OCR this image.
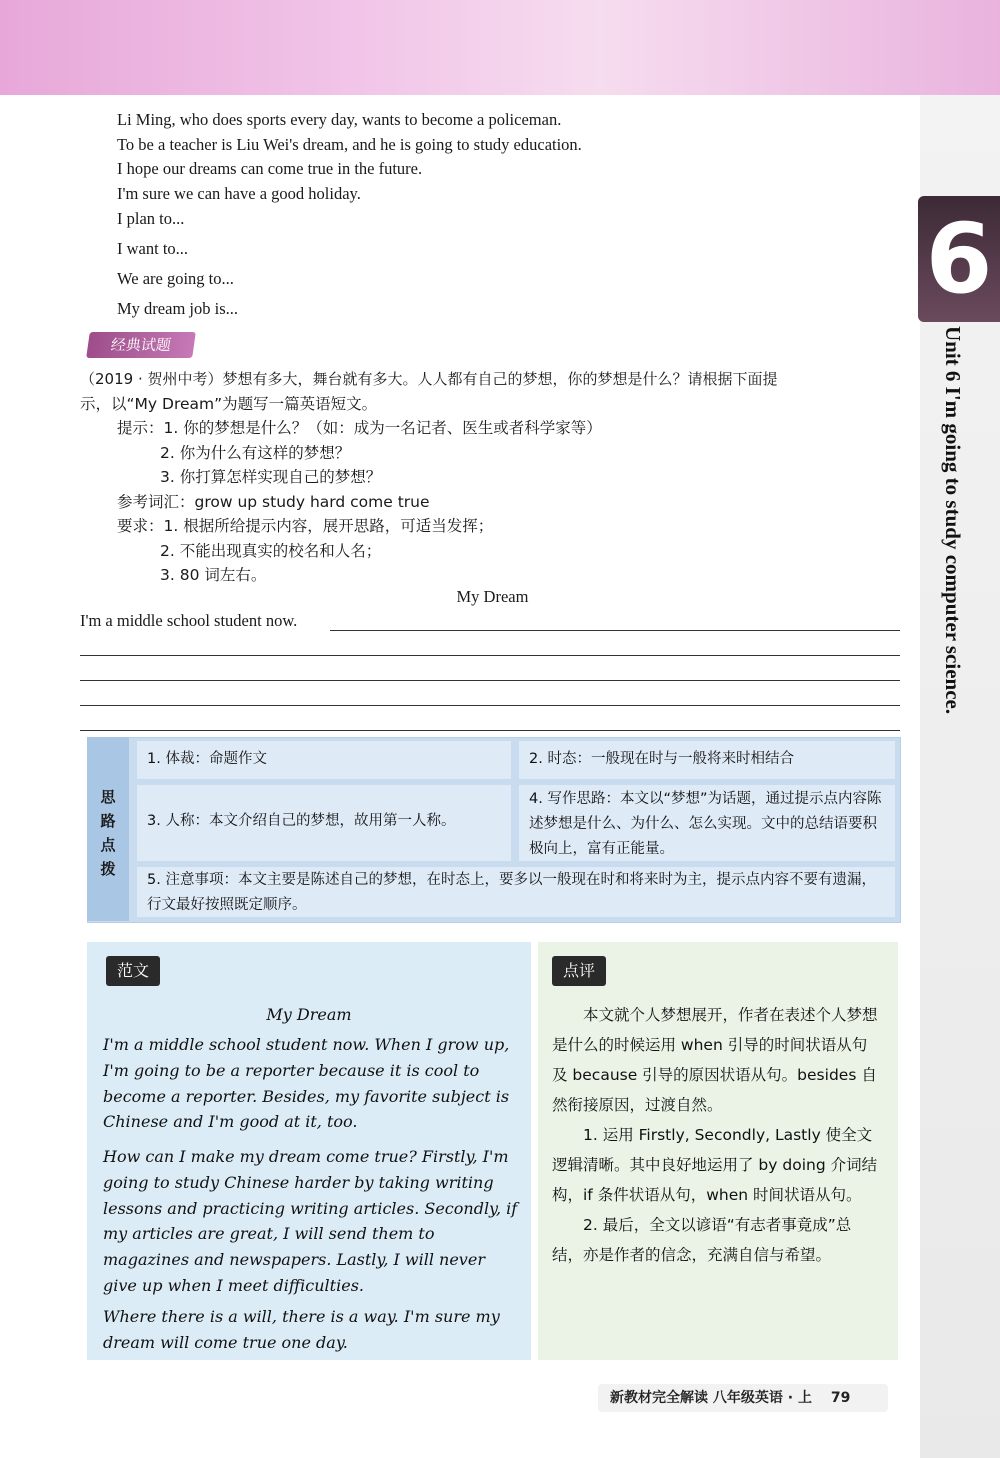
6
Unit 6 I'm going to study computer science.
Li Ming, who does sports every day, wants to become a policeman.
To be a teacher is Liu Wei's dream, and he is going to study education.
I hope our dreams can come true in the future.
I'm sure we can have a good holiday.
I plan to...
I want to...
We are going to...
My dream job is...
经典试题
（2019 · 贺州中考）梦想有多大，舞台就有多大。人人都有自己的梦想，你的梦想是什么？请根据下面提
示，以“My Dream”为题写一篇英语短文。
提示：1. 你的梦想是什么？（如：成为一名记者、医生或者科学家等）
2. 你为什么有这样的梦想？
3. 你打算怎样实现自己的梦想？
参考词汇：grow up study hard come true
要求：1. 根据所给提示内容，展开思路，可适当发挥；
2. 不能出现真实的校名和人名；
3. 80 词左右。
My Dream
I'm a middle school student now.
思路点拨
1. 体裁：命题作文	2. 时态：一般现在时与一般将来时相结合
3. 人称：本文介绍自己的梦想，故用第一人称。
4. 写作思路：本文以“梦想”为话题，通过提示点内容陈述梦想是什么、为什么、怎么实现。文中的总结语要积极向上，富有正能量。
5. 注意事项：本文主要是陈述自己的梦想，在时态上，要多以一般现在时和将来时为主，提示点内容不要有遗漏，行文最好按照既定顺序。
范文
My Dream
I'm a middle school student now. When I grow up, I'm going to be a reporter because it is cool to become a reporter. Besides, my favorite subject is Chinese and I'm good at it, too.
How can I make my dream come true? Firstly, I'm going to study Chinese harder by taking writing lessons and practicing writing articles. Secondly, if my articles are great, I will send them to magazines and newspapers. Lastly, I will never give up when I meet difficulties.
Where there is a will, there is a way. I'm sure my dream will come true one day.
点评
本文就个人梦想展开，作者在表述个人梦想是什么的时候运用 when 引导的时间状语从句及 because 引导的原因状语从句。besides 自然衔接原因，过渡自然。
1. 运用 Firstly, Secondly, Lastly 使全文逻辑清晰。其中良好地运用了 by doing 介词结构，if 条件状语从句，when 时间状语从句。
2. 最后，全文以谚语“有志者事竟成”总结，亦是作者的信念，充满自信与希望。
新教材完全解读 八年级英语 · 上 79
